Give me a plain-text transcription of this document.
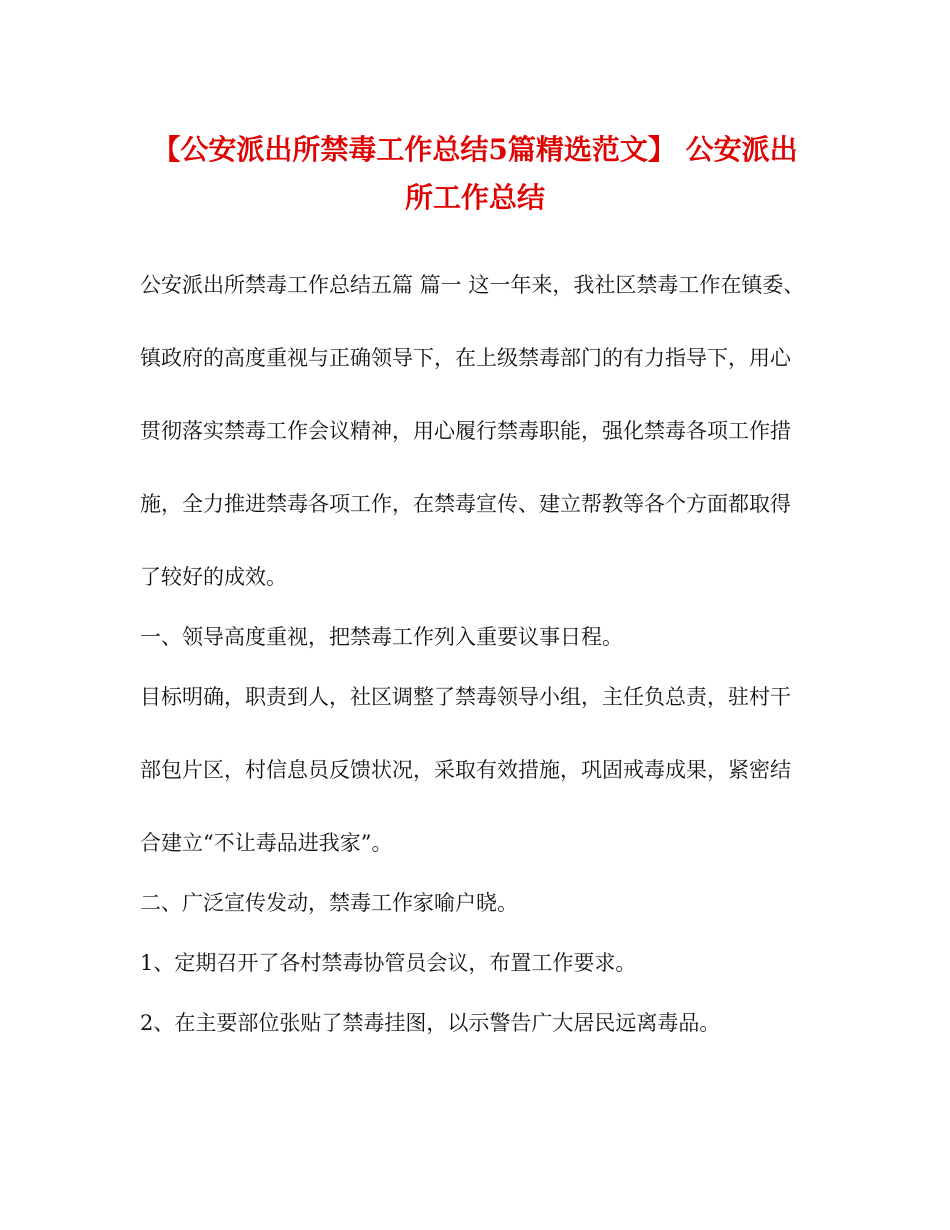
【公安派出所禁毒工作总结5篇精选范文】 公安派出
所工作总结
公安派出所禁毒工作总结五篇 篇一 这一年来，我社区禁毒工作在镇委、
镇政府的高度重视与正确领导下，在上级禁毒部门的有力指导下，用心
贯彻落实禁毒工作会议精神，用心履行禁毒职能，强化禁毒各项工作措
施，全力推进禁毒各项工作，在禁毒宣传、建立帮教等各个方面都取得
了较好的成效。
一、领导高度重视，把禁毒工作列入重要议事日程。
目标明确，职责到人，社区调整了禁毒领导小组，主任负总责，驻村干
部包片区，村信息员反馈状况，采取有效措施，巩固戒毒成果，紧密结
合建立“不让毒品进我家”。
二、广泛宣传发动，禁毒工作家喻户晓。
1、定期召开了各村禁毒协管员会议，布置工作要求。
2、在主要部位张贴了禁毒挂图，以示警告广大居民远离毒品。
